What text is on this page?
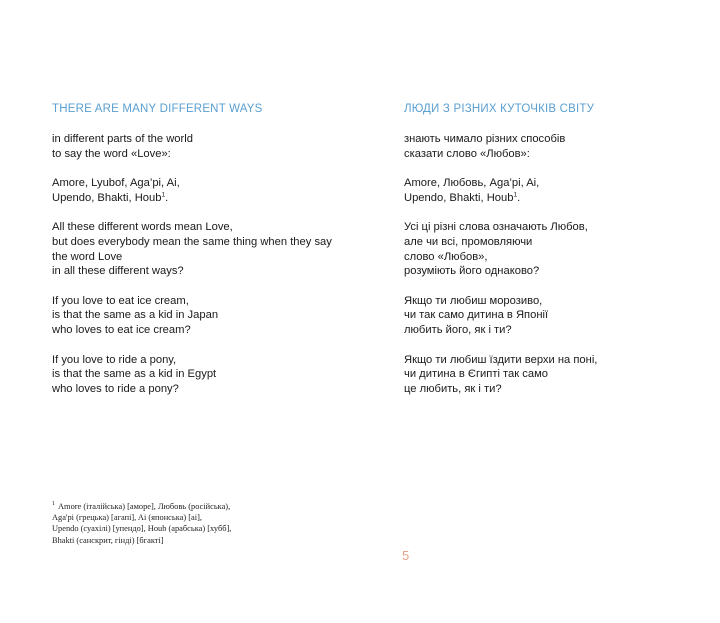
THERE ARE MANY DIFFERENT WAYS
in different parts of the world
to say the word «Love»:
Amore, Lyubof, Aga’pi, Ai,
Upendo, Bhakti, Houb$^1$.
All these different words mean Love,
but does everybody mean the same thing when they say
the word Love
in all these different ways?
If you love to eat ice cream,
is that the same as a kid in Japan
who loves to eat ice cream?
If you love to ride a pony,
is that the same as a kid in Egypt
who loves to ride a pony?
$^1$ Amore (італійська) [аморе], Любовь (російська),
Aga'pi (грецька) [агапі], Ai (японська) [аі],
Upendo (суахілі) [упендо], Houb (арабська) [хубб],
Bhakti (санскрит, гінді) [бгакті]
ЛЮДИ З РІЗНИХ КУТОЧКІВ СВІТУ
знають чимало різних способів
сказати слово «Любов»:
Amore, Любовь, Aga’pi, Ai,
Upendo, Bhakti, Houb$^1$.
Усі ці різні слова означають Любов,
але чи всі, промовляючи
слово «Любов»,
розуміють його однаково?
Якщо ти любиш морозиво,
чи так само дитина в Японії
любить його, як і ти?
Якщо ти любиш їздити верхи на поні,
чи дитина в Єгипті так само
це любить, як і ти?
5
